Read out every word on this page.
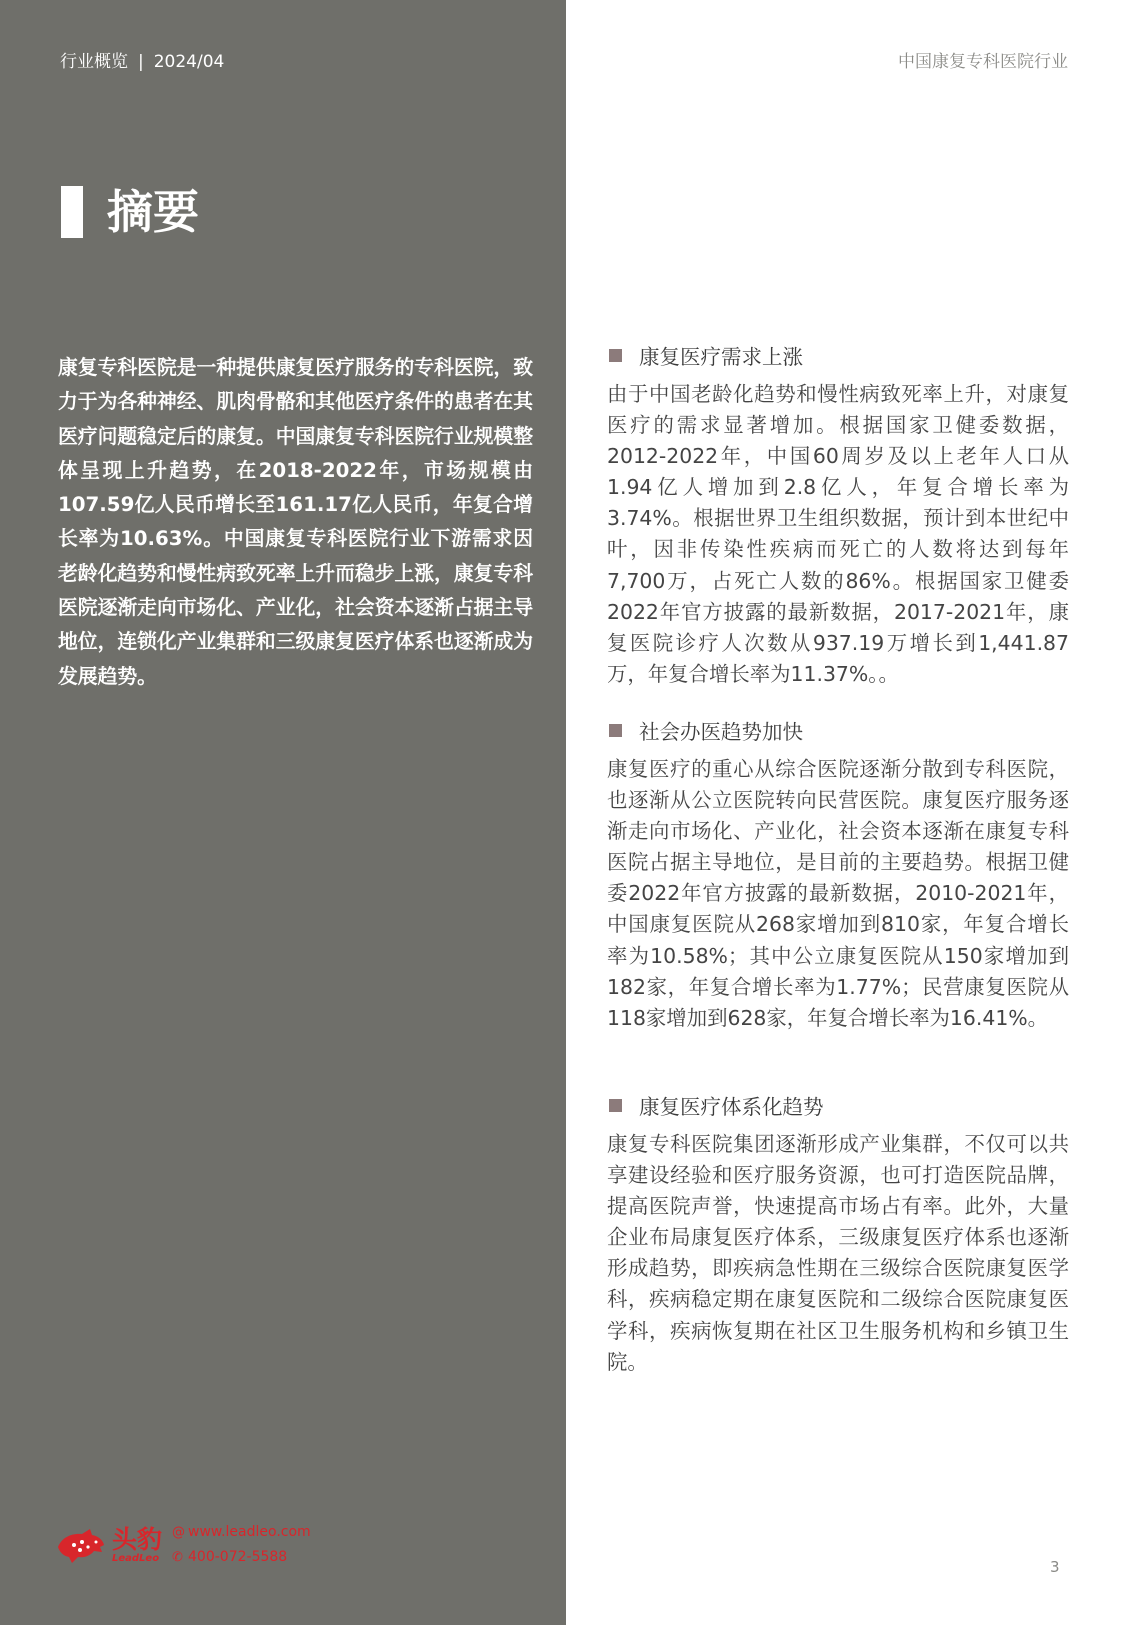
行业概览 | 2024/04	中国康复专科医院行业
摘要

康复专科医院是一种提供康复医疗服务的专科医院，致力于为各种神经、肌肉骨骼和其他医疗条件的患者在其医疗问题稳定后的康复。中国康复专科医院行业规模整体呈现上升趋势，在2018-2022年，市场规模由107.59亿人民币增长至161.17亿人民币，年复合增长率为10.63%。中国康复专科医院行业下游需求因老龄化趋势和慢性病致死率上升而稳步上涨，康复专科医院逐渐走向市场化、产业化，社会资本逐渐占据主导地位，连锁化产业集群和三级康复医疗体系也逐渐成为发展趋势。

康复医疗需求上涨

由于中国老龄化趋势和慢性病致死率上升，对康复医疗的需求显著增加。根据国家卫健委数据，2012-2022年，中国60周岁及以上老年人口从1.94亿人增加到2.8亿人，年复合增长率为3.74%。根据世界卫生组织数据，预计到本世纪中叶，因非传染性疾病而死亡的人数将达到每年7,700万，占死亡人数的86%。根据国家卫健委2022年官方披露的最新数据，2017-2021年，康复医院诊疗人次数从937.19万增长到1,441.87万，年复合增长率为11.37%。。

社会办医趋势加快

康复医疗的重心从综合医院逐渐分散到专科医院，也逐渐从公立医院转向民营医院。康复医疗服务逐渐走向市场化、产业化，社会资本逐渐在康复专科医院占据主导地位，是目前的主要趋势。根据卫健委2022年官方披露的最新数据，2010-2021年，中国康复医院从268家增加到810家，年复合增长率为10.58%；其中公立康复医院从150家增加到182家，年复合增长率为1.77%；民营康复医院从118家增加到628家，年复合增长率为16.41%。

康复医疗体系化趋势

康复专科医院集团逐渐形成产业集群，不仅可以共享建设经验和医疗服务资源，也可打造医院品牌，提高医院声誉，快速提高市场占有率。此外，大量企业布局康复医疗体系，三级康复医疗体系也逐渐形成趋势，即疾病急性期在三级综合医院康复医学科，疾病稳定期在康复医院和二级综合医院康复医学科，疾病恢复期在社区卫生服务机构和乡镇卫生院。

头豹
LeadLeo
@ www.leadleo.com
✆ 400-072-5588
3
